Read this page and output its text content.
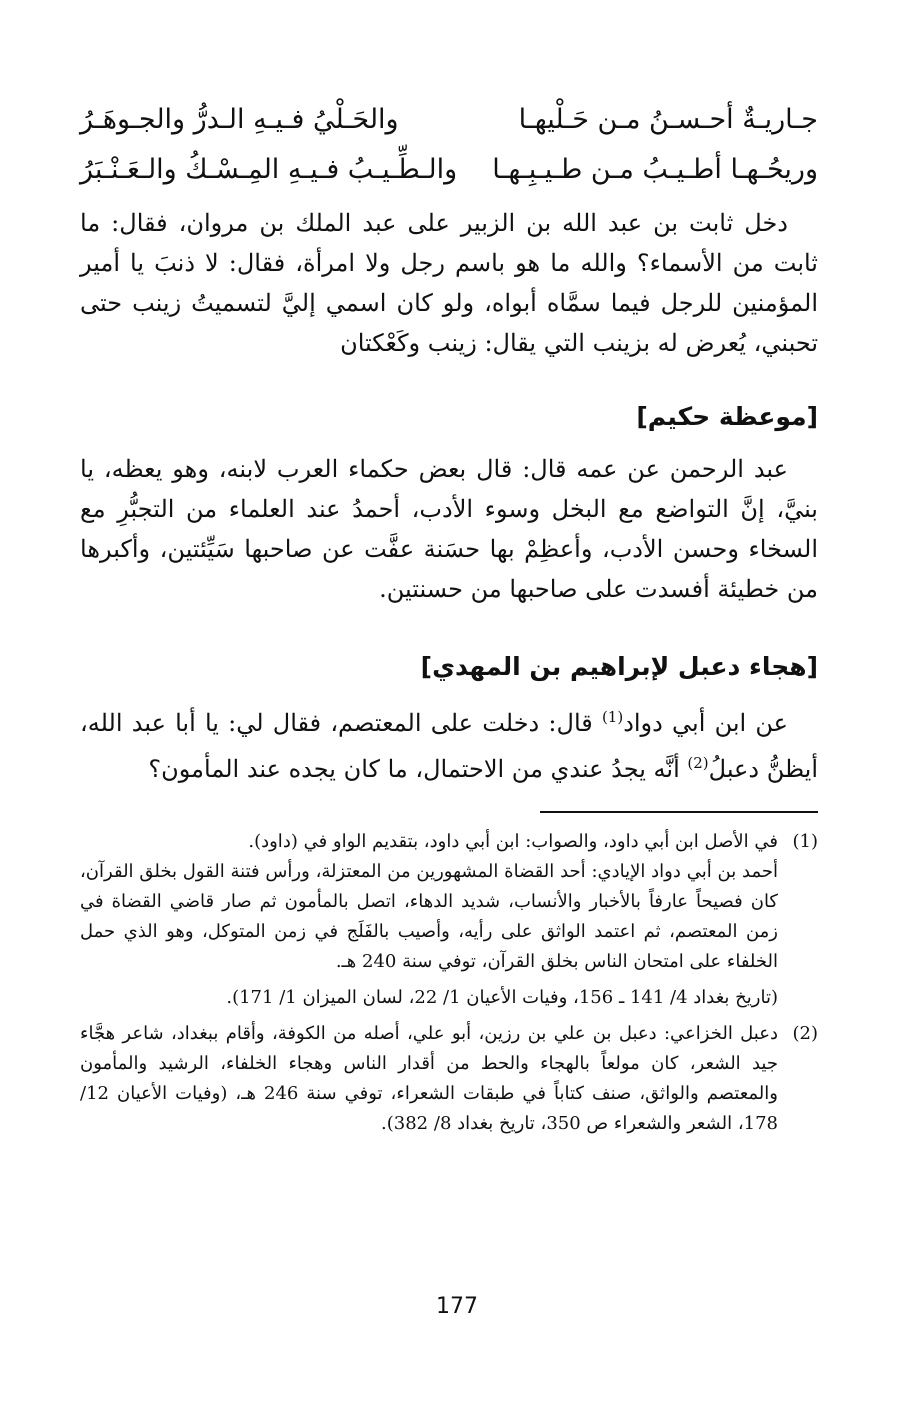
جـاريـةٌ أحـسـنُ مـن حَـلْيهـا
والحَـلْيُ فـيـهِ الـدرُّ والجـوهَـرُ
وريحُـهـا أطـيـبُ مـن طـيـبِـهـا
والـطِّـيـبُ فـيـهِ المِـسْـكُ والـعَـنْـبَرُ

دخل ثابت بن عبد الله بن الزبير على عبد الملك بن مروان، فقال: ما ثابت من الأسماء؟ والله ما هو باسم رجل ولا امرأة، فقال: لا ذنبَ يا أمير المؤمنين للرجل فيما سمَّاه أبواه، ولو كان اسمي إليَّ لتسميتُ زينب حتى تحبني، يُعرض له بزينب التي يقال: زينب وكَعْكتان

[موعظة حكيم]

عبد الرحمن عن عمه قال: قال بعض حكماء العرب لابنه، وهو يعظه، يا بنيَّ، إنَّ التواضع مع البخل وسوء الأدب، أحمدُ عند العلماء من التجبُّرِ مع السخاء وحسن الأدب، وأعظِمْ بها حسَنة عفَّت عن صاحبها سَيِّئتين، وأكبرها من خطيئة أفسدت على صاحبها من حسنتين.

[هجاء دعبل لإبراهيم بن المهدي]

عن ابن أبي دواد$^{(1)}$ قال: دخلت على المعتصم، فقال لي: يا أبا عبد الله، أيظنُّ دعبلُ$^{(2)}$ أنَّه يجدُ عندي من الاحتمال، ما كان يجده عند المأمون؟

(1)

في الأصل ابن أبي داود، والصواب: ابن أبي داود، بتقديم الواو في (داود).

أحمد بن أبي دواد الإيادي: أحد القضاة المشهورين من المعتزلة، ورأس فتنة القول بخلق القرآن، كان فصيحاً عارفاً بالأخبار والأنساب، شديد الدهاء، اتصل بالمأمون ثم صار قاضي القضاة في زمن المعتصم، ثم اعتمد الواثق على رأيه، وأصيب بالفَلَج في زمن المتوكل، وهو الذي حمل الخلفاء على امتحان الناس بخلق القرآن، توفي سنة 240 هـ.

(تاريخ بغداد 4/ 141 ـ 156، وفيات الأعيان 1/ 22، لسان الميزان 1/ 171).

(2)

دعبل الخزاعي: دعبل بن علي بن رزين، أبو علي، أصله من الكوفة، وأقام ببغداد، شاعر هجَّاء جيد الشعر، كان مولعاً بالهجاء والحط من أقدار الناس وهجاء الخلفاء، الرشيد والمأمون والمعتصم والواثق، صنف كتاباً في طبقات الشعراء، توفي سنة 246 هـ، (وفيات الأعيان 12/ 178، الشعر والشعراء ص 350، تاريخ بغداد 8/ 382).

177
